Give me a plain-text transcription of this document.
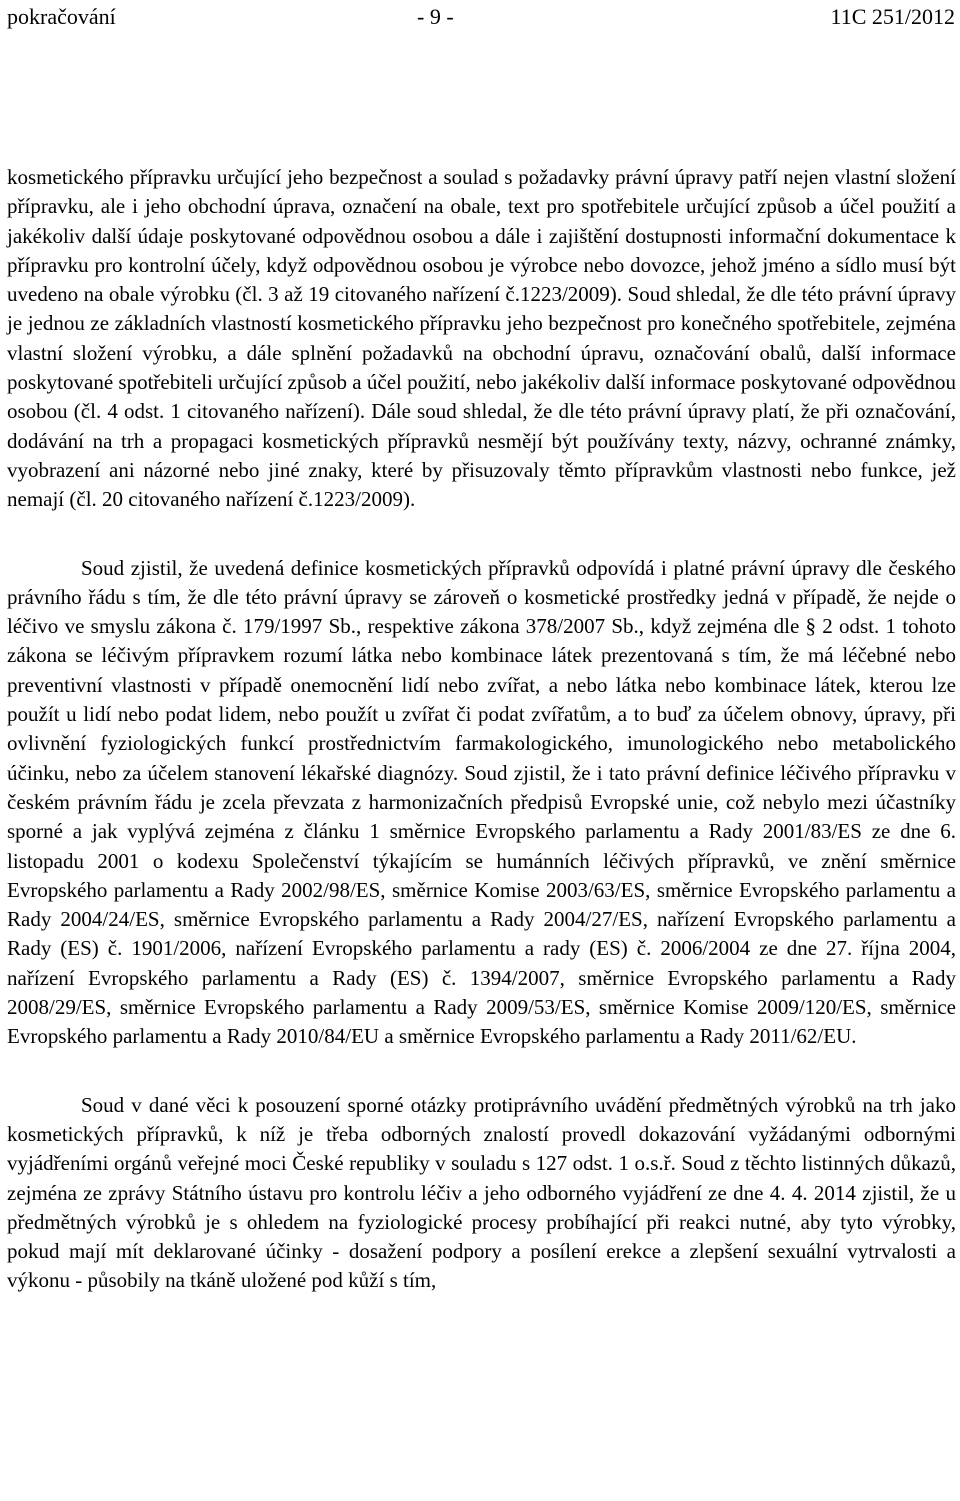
pokračování	- 9 -	11C 251/2012

kosmetického přípravku určující jeho bezpečnost a soulad s požadavky právní úpravy patří nejen vlastní složení přípravku, ale i jeho obchodní úprava, označení na obale, text pro spotřebitele určující způsob a účel použití a jakékoliv další údaje poskytované odpovědnou osobou a dále i zajištění dostupnosti informační dokumentace k přípravku pro kontrolní účely, když odpovědnou osobou je výrobce nebo dovozce, jehož jméno a sídlo musí být uvedeno na obale výrobku (čl. 3 až 19 citovaného nařízení č.1223/2009). Soud shledal, že dle této právní úpravy je jednou ze základních vlastností kosmetického přípravku jeho bezpečnost pro konečného spotřebitele, zejména vlastní složení výrobku, a dále splnění požadavků na obchodní úpravu, označování obalů, další informace poskytované spotřebiteli určující způsob a účel použití, nebo jakékoliv další informace poskytované odpovědnou osobou (čl. 4 odst. 1 citovaného nařízení). Dále soud shledal, že dle této právní úpravy platí, že při označování, dodávání na trh a propagaci kosmetických přípravků nesmějí být používány texty, názvy, ochranné známky, vyobrazení ani názorné nebo jiné znaky, které by přisuzovaly těmto přípravkům vlastnosti nebo funkce, jež nemají (čl. 20 citovaného nařízení č.1223/2009).

Soud zjistil, že uvedená definice kosmetických přípravků odpovídá i platné právní úpravy dle českého právního řádu s tím, že dle této právní úpravy se zároveň o kosmetické prostředky jedná v případě, že nejde o léčivo ve smyslu zákona č. 179/1997 Sb., respektive zákona 378/2007 Sb., když zejména dle § 2 odst. 1 tohoto zákona se léčivým přípravkem rozumí látka nebo kombinace látek prezentovaná s tím, že má léčebné nebo preventivní vlastnosti v případě onemocnění lidí nebo zvířat, a nebo látka nebo kombinace látek, kterou lze použít u lidí nebo podat lidem, nebo použít u zvířat či podat zvířatům, a to buď za účelem obnovy, úpravy, při ovlivnění fyziologických funkcí prostřednictvím farmakologického, imunologického nebo metabolického účinku, nebo za účelem stanovení lékařské diagnózy. Soud zjistil, že i tato právní definice léčivého přípravku v českém právním řádu je zcela převzata z harmonizačních předpisů Evropské unie, což nebylo mezi účastníky sporné a jak vyplývá zejména z článku 1 směrnice Evropského parlamentu a Rady 2001/83/ES ze dne 6. listopadu 2001 o kodexu Společenství týkajícím se humánních léčivých přípravků, ve znění směrnice Evropského parlamentu a Rady 2002/98/ES, směrnice Komise 2003/63/ES, směrnice Evropského parlamentu a Rady 2004/24/ES, směrnice Evropského parlamentu a Rady 2004/27/ES, nařízení Evropského parlamentu a Rady (ES) č. 1901/2006, nařízení Evropského parlamentu a rady (ES) č. 2006/2004 ze dne 27. října 2004, nařízení Evropského parlamentu a Rady (ES) č. 1394/2007, směrnice Evropského parlamentu a Rady 2008/29/ES, směrnice Evropského parlamentu a Rady 2009/53/ES, směrnice Komise 2009/120/ES, směrnice Evropského parlamentu a Rady 2010/84/EU a směrnice Evropského parlamentu a Rady 2011/62/EU.

Soud v dané věci k posouzení sporné otázky protiprávního uvádění předmětných výrobků na trh jako kosmetických přípravků, k níž je třeba odborných znalostí provedl dokazování vyžádanými odbornými vyjádřeními orgánů veřejné moci České republiky v souladu s 127 odst. 1 o.s.ř. Soud z těchto listinných důkazů, zejména ze zprávy Státního ústavu pro kontrolu léčiv a jeho odborného vyjádření ze dne 4. 4. 2014 zjistil, že u předmětných výrobků je s ohledem na fyziologické procesy probíhající při reakci nutné, aby tyto výrobky, pokud mají mít deklarované účinky - dosažení podpory a posílení erekce a zlepšení sexuální vytrvalosti a výkonu - působily na tkáně uložené pod kůží s tím,
